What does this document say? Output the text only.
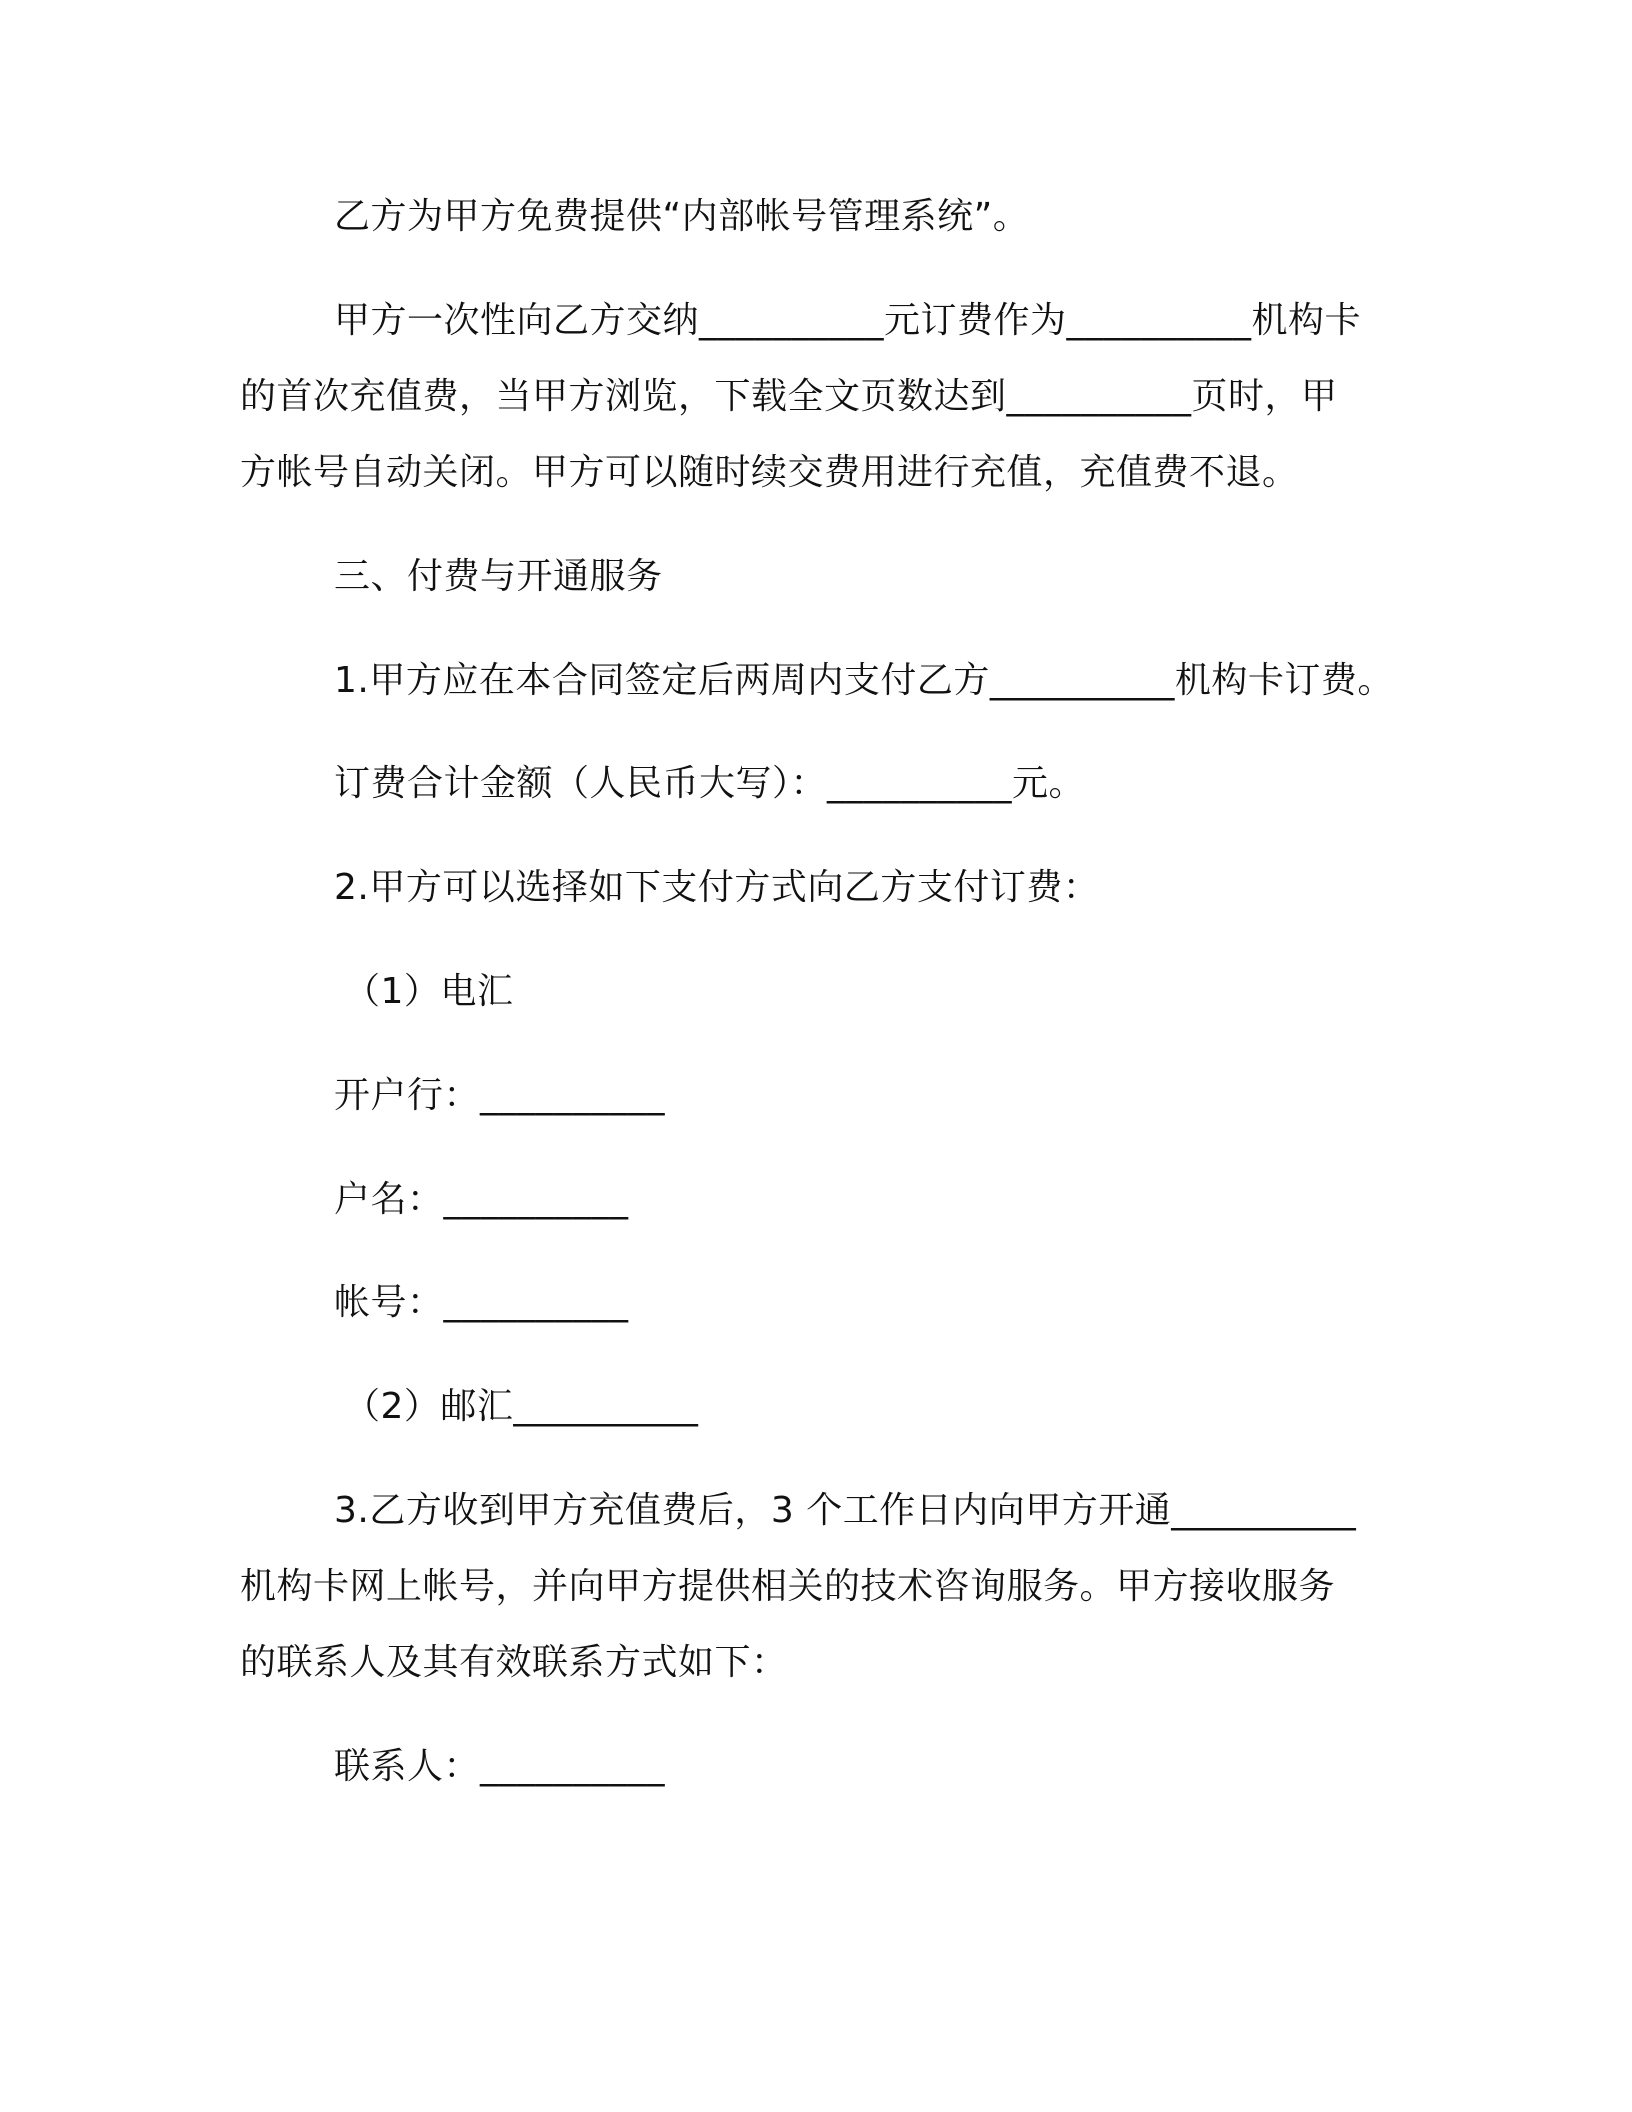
乙方为甲方免费提供“内部帐号管理系统”。
甲方一次性向乙方交纳__________元订费作为__________机构卡
的首次充值费，当甲方浏览，下载全文页数达到__________页时，甲
方帐号自动关闭。甲方可以随时续交费用进行充值，充值费不退。
三、付费与开通服务
1.甲方应在本合同签定后两周内支付乙方__________机构卡订费。
订费合计金额（人民币大写）：__________元。
2.甲方可以选择如下支付方式向乙方支付订费：
（1）电汇
开户行：__________
户名：__________
帐号：__________
（2）邮汇__________
3.乙方收到甲方充值费后，3 个工作日内向甲方开通__________
机构卡网上帐号，并向甲方提供相关的技术咨询服务。甲方接收服务
的联系人及其有效联系方式如下：
联系人：__________
